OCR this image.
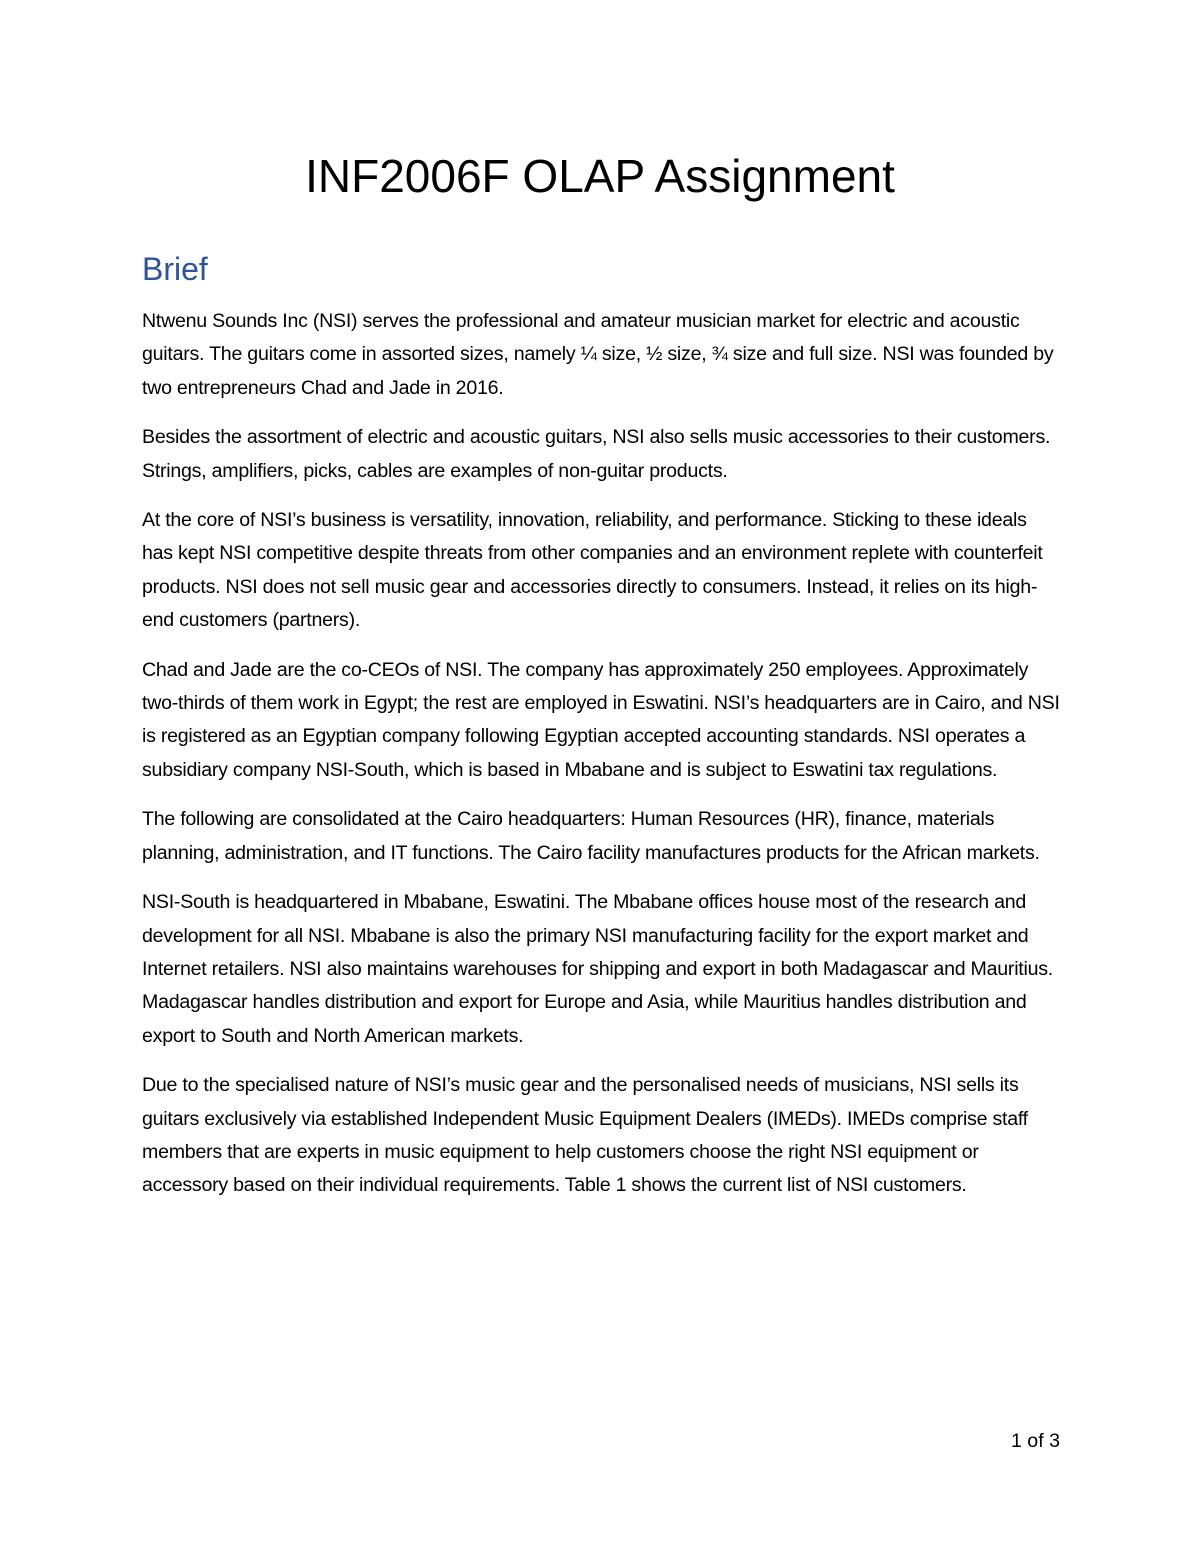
INF2006F OLAP Assignment
Brief

Ntwenu Sounds Inc (NSI) serves the professional and amateur musician market for electric and acoustic guitars. The guitars come in assorted sizes, namely ¼ size, ½ size, ¾ size and full size. NSI was founded by two entrepreneurs Chad and Jade in 2016.

Besides the assortment of electric and acoustic guitars, NSI also sells music accessories to their customers. Strings, amplifiers, picks, cables are examples of non-guitar products.

At the core of NSI’s business is versatility, innovation, reliability, and performance. Sticking to these ideals has kept NSI competitive despite threats from other companies and an environment replete with counterfeit products. NSI does not sell music gear and accessories directly to consumers. Instead, it relies on its high-end customers (partners).

Chad and Jade are the co-CEOs of NSI. The company has approximately 250 employees. Approximately two-thirds of them work in Egypt; the rest are employed in Eswatini. NSI’s headquarters are in Cairo, and NSI is registered as an Egyptian company following Egyptian accepted accounting standards. NSI operates a subsidiary company NSI-South, which is based in Mbabane and is subject to Eswatini tax regulations.

The following are consolidated at the Cairo headquarters: Human Resources (HR), finance, materials planning, administration, and IT functions. The Cairo facility manufactures products for the African markets.

NSI-South is headquartered in Mbabane, Eswatini. The Mbabane offices house most of the research and development for all NSI. Mbabane is also the primary NSI manufacturing facility for the export market and Internet retailers. NSI also maintains warehouses for shipping and export in both Madagascar and Mauritius. Madagascar handles distribution and export for Europe and Asia, while Mauritius handles distribution and export to South and North American markets.

Due to the specialised nature of NSI’s music gear and the personalised needs of musicians, NSI sells its guitars exclusively via established Independent Music Equipment Dealers (IMEDs). IMEDs comprise staff members that are experts in music equipment to help customers choose the right NSI equipment or accessory based on their individual requirements. Table 1 shows the current list of NSI customers.

1 of 3
